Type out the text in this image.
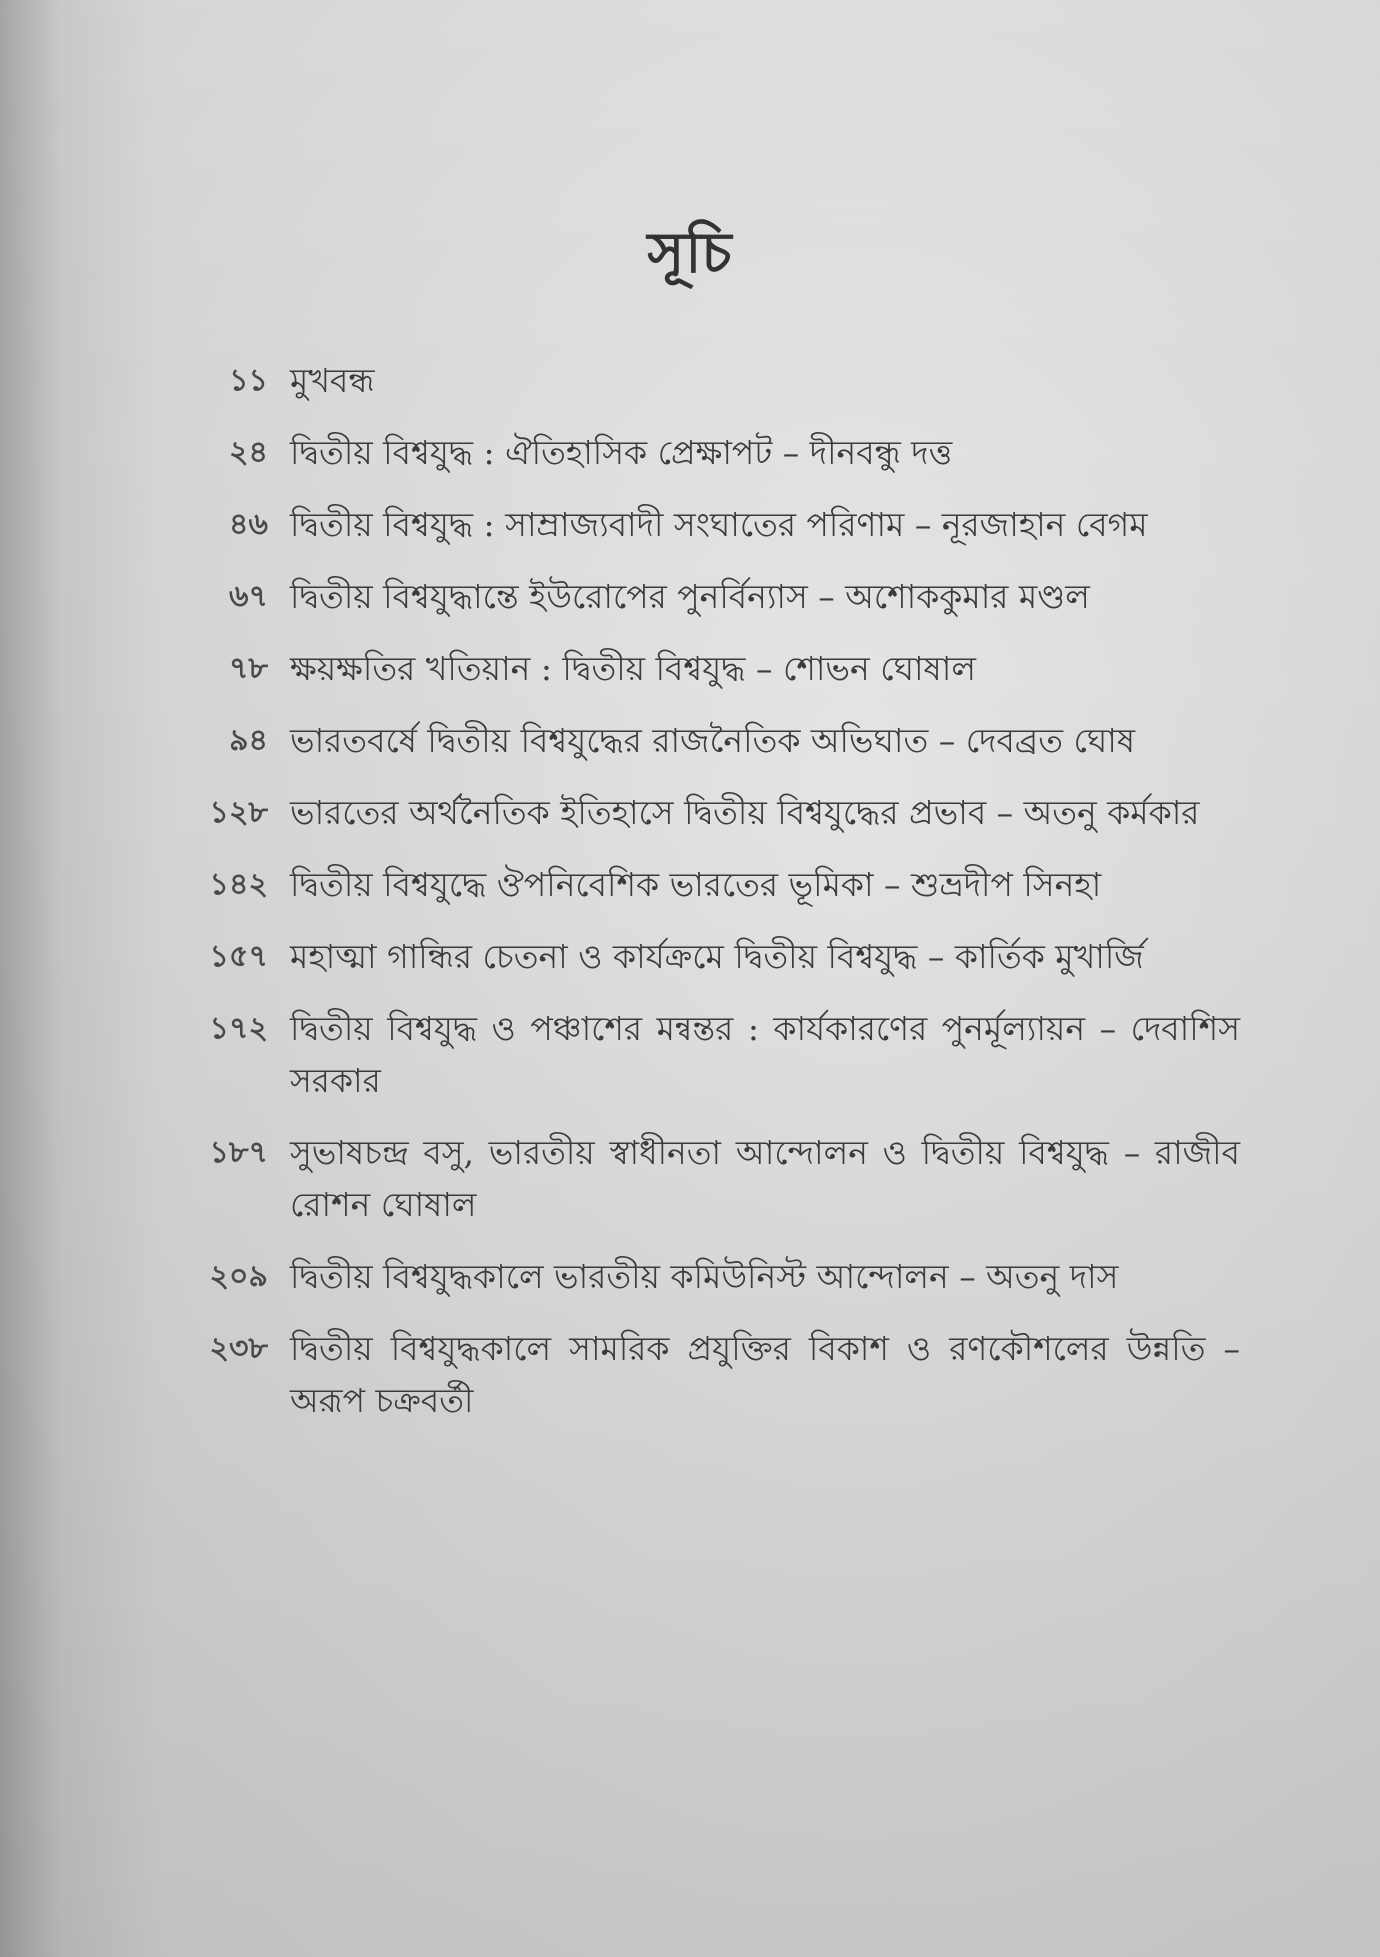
সূচি
১১ মুখবন্ধ
২৪ দ্বিতীয় বিশ্বযুদ্ধ : ঐতিহাসিক প্রেক্ষাপট – দীনবন্ধু দত্ত
৪৬ দ্বিতীয় বিশ্বযুদ্ধ : সাম্রাজ্যবাদী সংঘাতের পরিণাম – নূরজাহান বেগম
৬৭ দ্বিতীয় বিশ্বযুদ্ধান্তে ইউরোপের পুনর্বিন্যাস – অশোককুমার মণ্ডল
৭৮ ক্ষয়ক্ষতির খতিয়ান : দ্বিতীয় বিশ্বযুদ্ধ – শোভন ঘোষাল
৯৪ ভারতবর্ষে দ্বিতীয় বিশ্বযুদ্ধের রাজনৈতিক অভিঘাত – দেবব্রত ঘোষ
১২৮ ভারতের অর্থনৈতিক ইতিহাসে দ্বিতীয় বিশ্বযুদ্ধের প্রভাব – অতনু কর্মকার
১৪২ দ্বিতীয় বিশ্বযুদ্ধে ঔপনিবেশিক ভারতের ভূমিকা – শুভ্রদীপ সিনহা
১৫৭ মহাত্মা গান্ধির চেতনা ও কার্যক্রমে দ্বিতীয় বিশ্বযুদ্ধ – কার্তিক মুখার্জি
১৭২ দ্বিতীয় বিশ্বযুদ্ধ ও পঞ্চাশের মন্বন্তর : কার্যকারণের পুনর্মূল্যায়ন – দেবাশিস সরকার
১৮৭ সুভাষচন্দ্র বসু, ভারতীয় স্বাধীনতা আন্দোলন ও দ্বিতীয় বিশ্বযুদ্ধ – রাজীব রোশন ঘোষাল
২০৯ দ্বিতীয় বিশ্বযুদ্ধকালে ভারতীয় কমিউনিস্ট আন্দোলন – অতনু দাস
২৩৮ দ্বিতীয় বিশ্বযুদ্ধকালে সামরিক প্রযুক্তির বিকাশ ও রণকৌশলের উন্নতি – অরূপ চক্রবর্তী
